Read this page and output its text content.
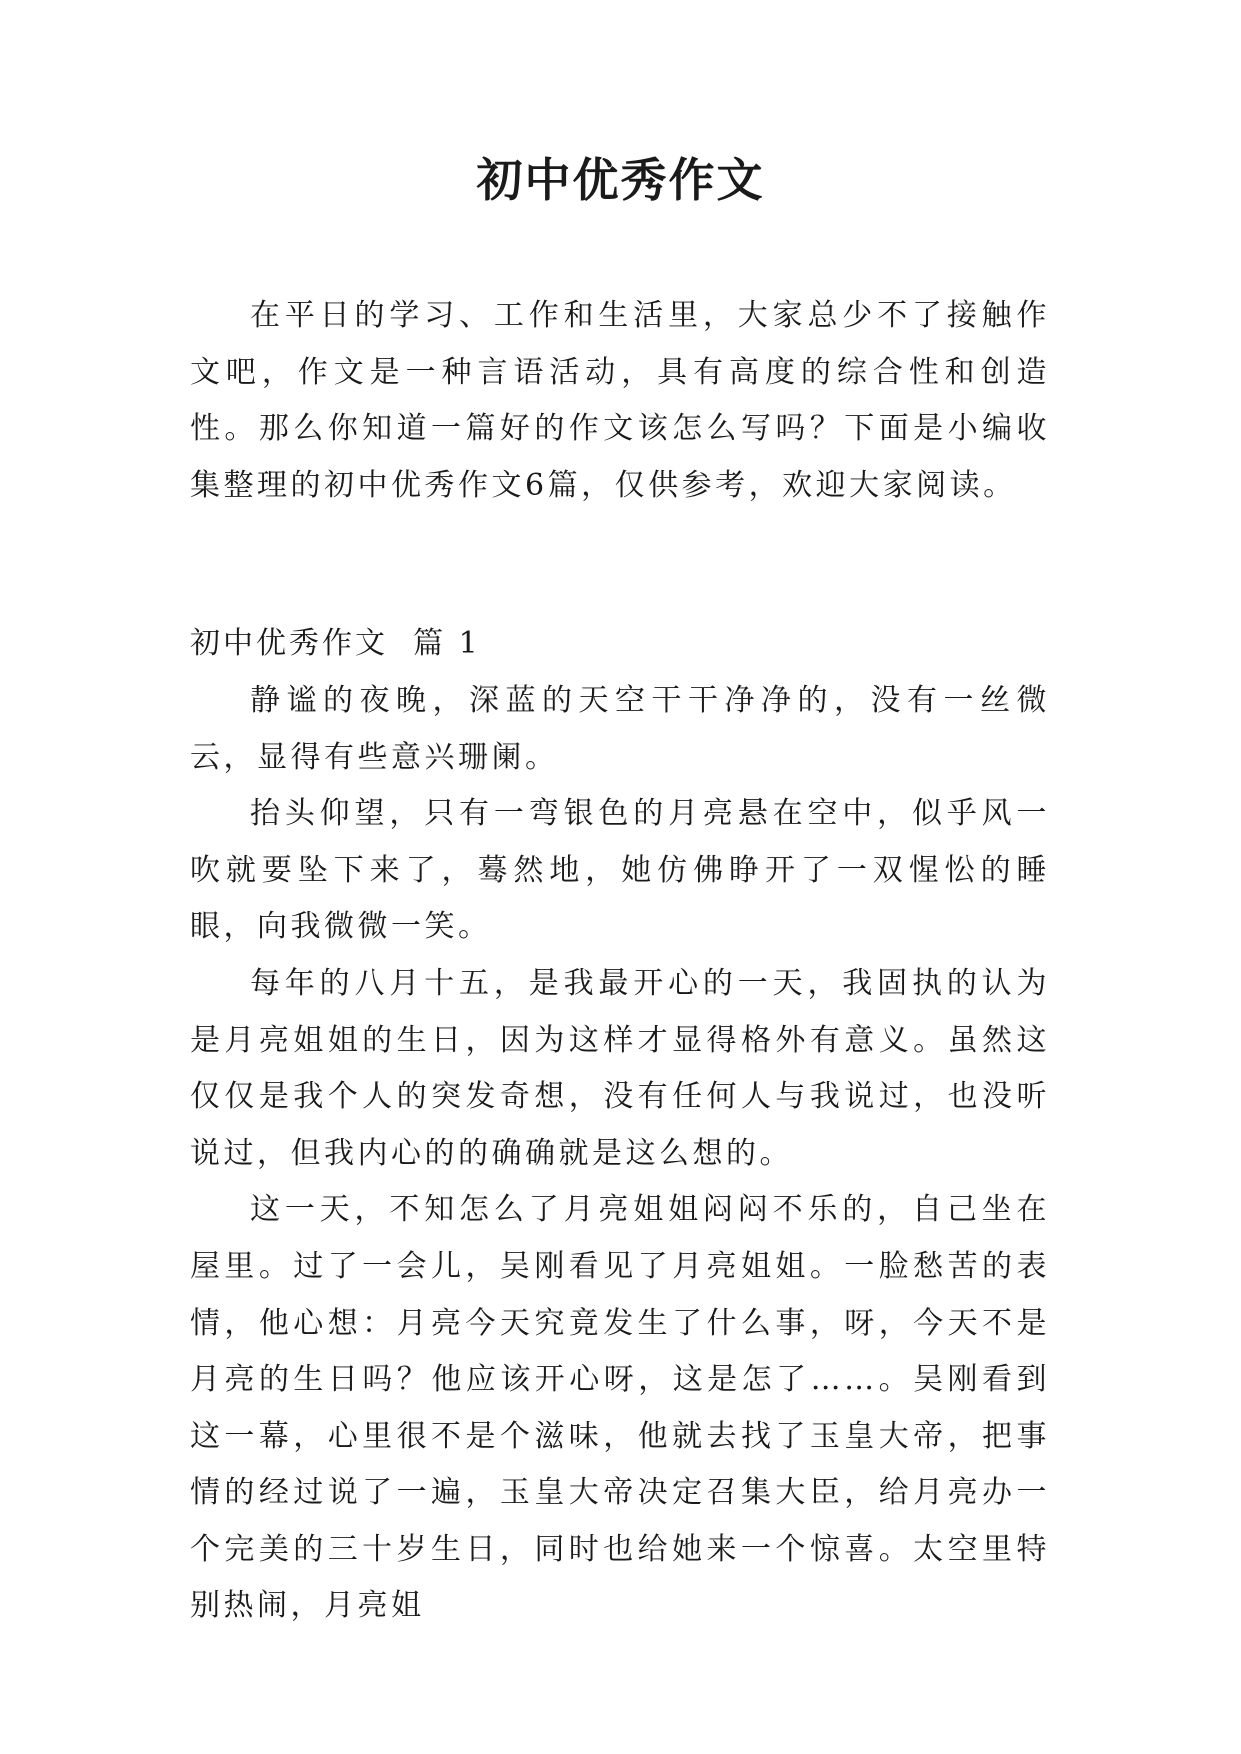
初中优秀作文

在平日的学习、工作和生活里，大家总少不了接触作文吧，作文是一种言语活动，具有高度的综合性和创造性。那么你知道一篇好的作文该怎么写吗？下面是小编收集整理的初中优秀作文6篇，仅供参考，欢迎大家阅读。

初中优秀作文  篇 1

静谧的夜晚，深蓝的天空干干净净的，没有一丝微云，显得有些意兴珊阑。

抬头仰望，只有一弯银色的月亮悬在空中，似乎风一吹就要坠下来了，蓦然地，她仿佛睁开了一双惺忪的睡眼，向我微微一笑。

每年的八月十五，是我最开心的一天，我固执的认为是月亮姐姐的生日，因为这样才显得格外有意义。虽然这仅仅是我个人的突发奇想，没有任何人与我说过，也没听说过，但我内心的的确确就是这么想的。

这一天，不知怎么了月亮姐姐闷闷不乐的，自己坐在屋里。过了一会儿，吴刚看见了月亮姐姐。一脸愁苦的表情，他心想：月亮今天究竟发生了什么事，呀，今天不是月亮的生日吗？他应该开心呀，这是怎了……。吴刚看到这一幕，心里很不是个滋味，他就去找了玉皇大帝，把事情的经过说了一遍，玉皇大帝决定召集大臣，给月亮办一个完美的三十岁生日，同时也给她来一个惊喜。太空里特别热闹，月亮姐
